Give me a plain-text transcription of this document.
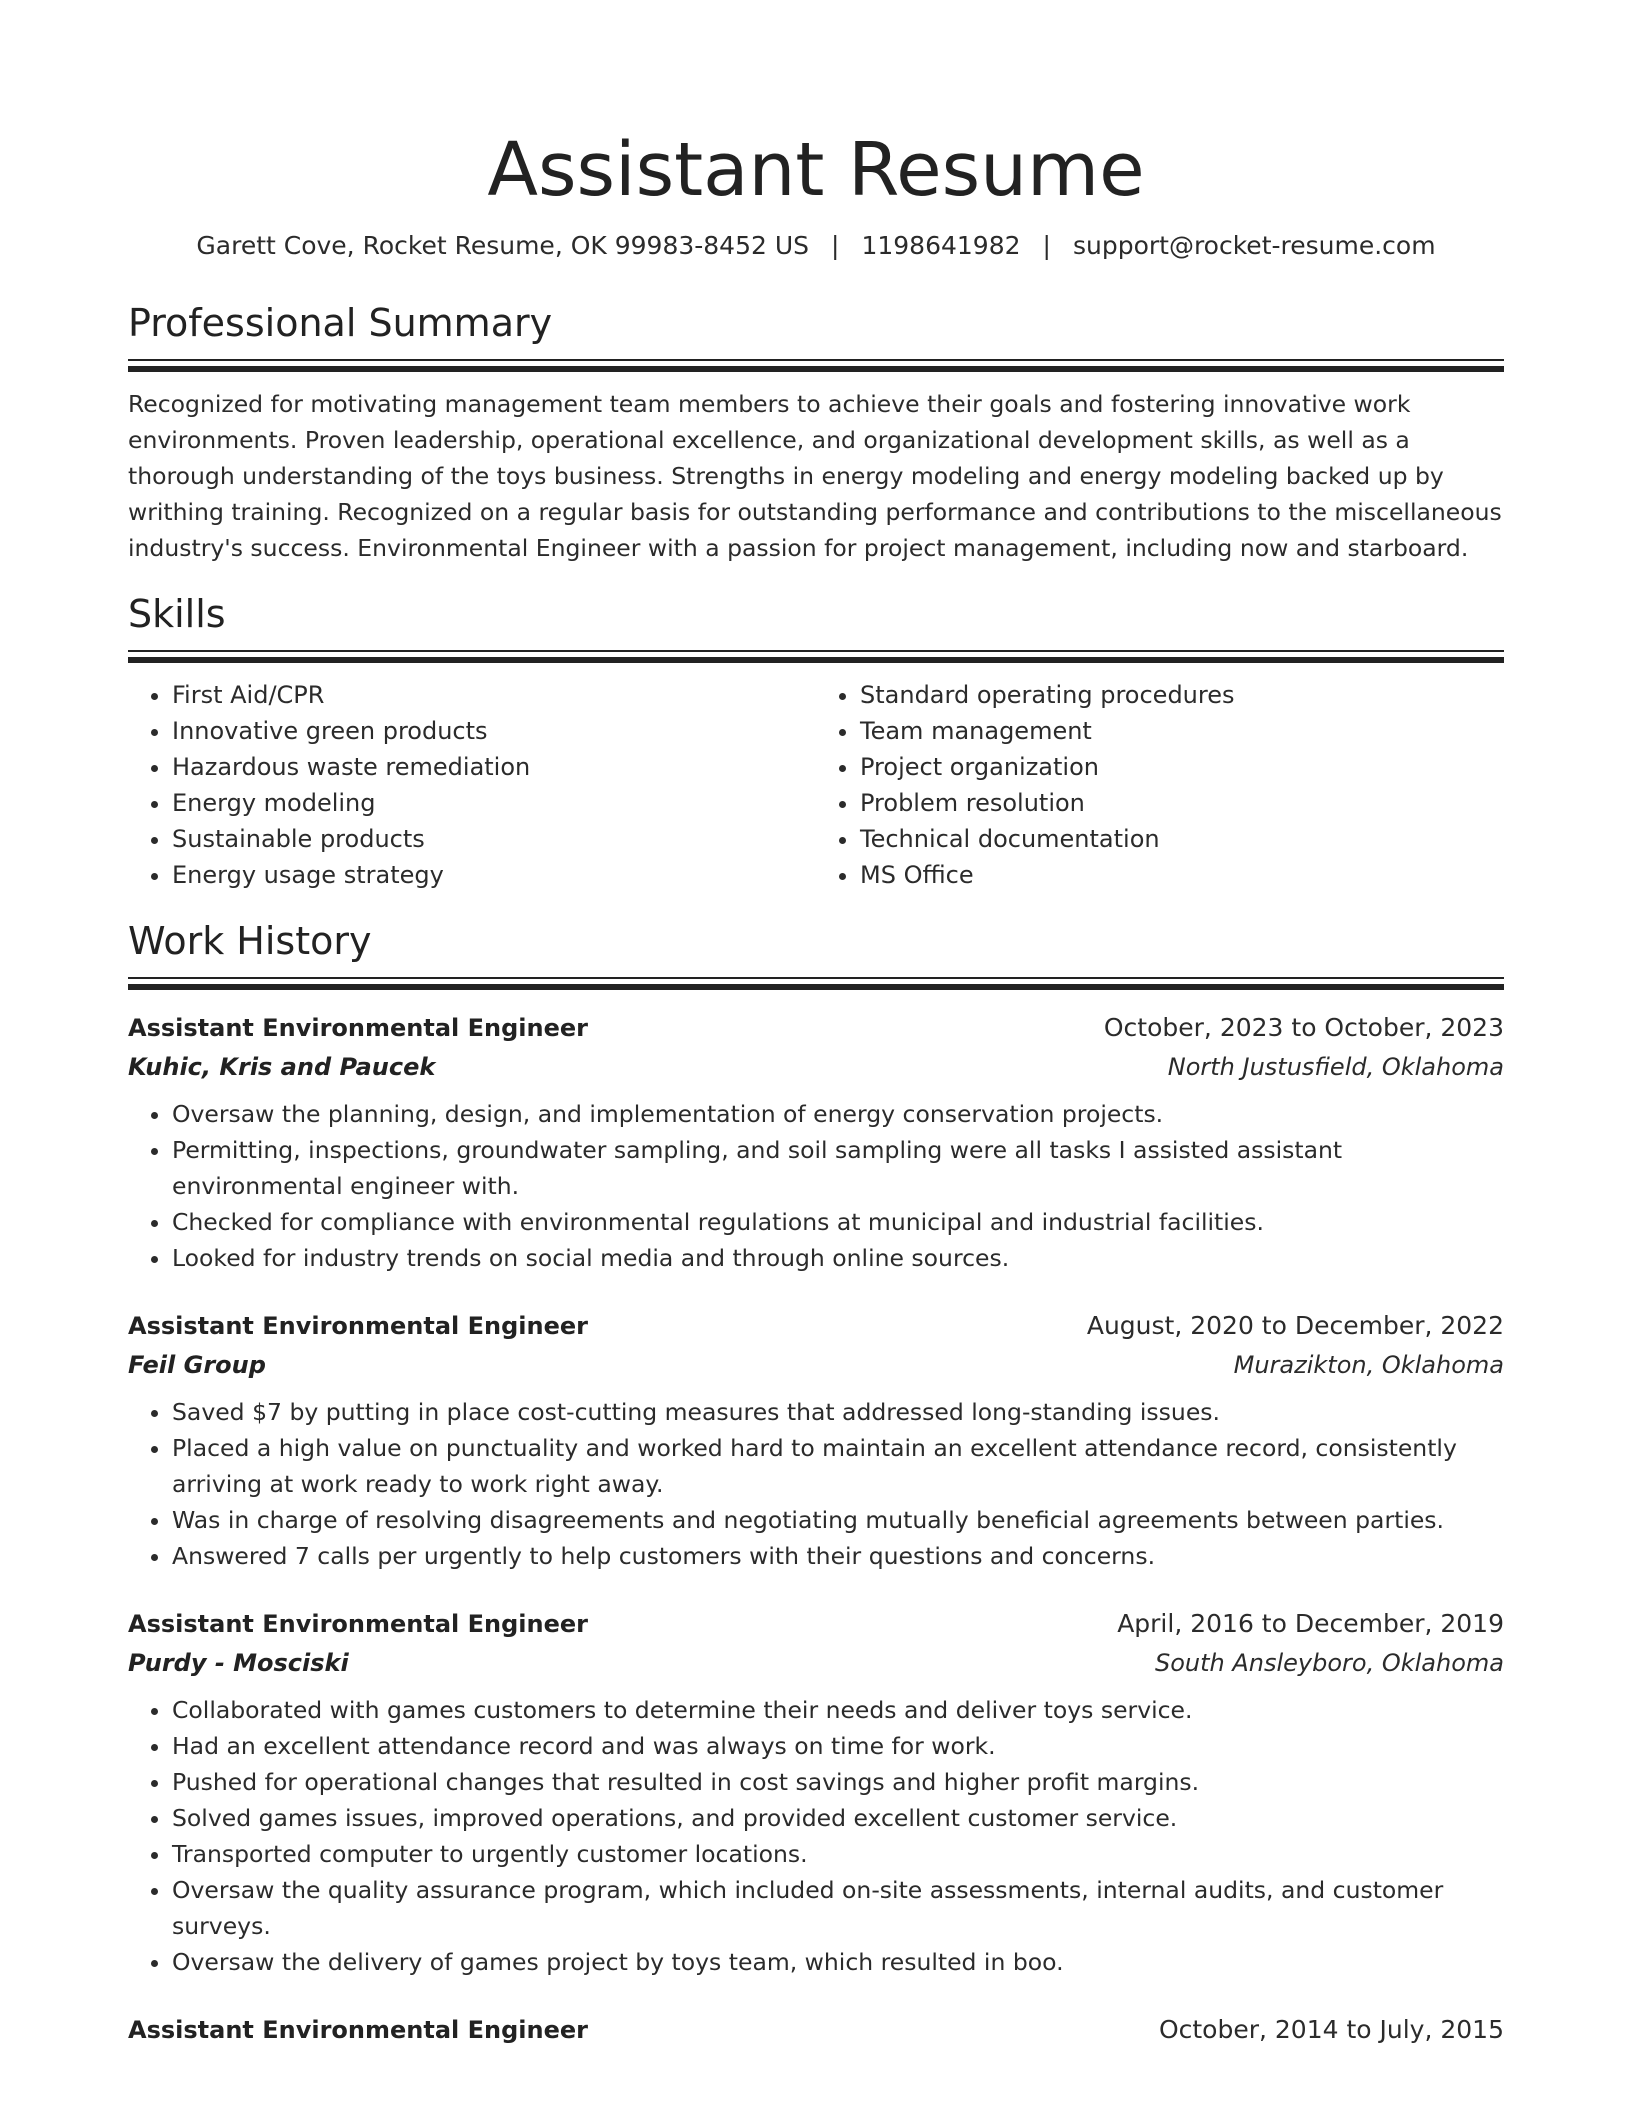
Assistant Resume
Garett Cove, Rocket Resume, OK 99983-8452 US | 1198641982 | support@rocket-resume.com
Professional Summary
Recognized for motivating management team members to achieve their goals and fostering innovative work environments. Proven leadership, operational excellence, and organizational development skills, as well as a thorough understanding of the toys business. Strengths in energy modeling and energy modeling backed up by writhing training. Recognized on a regular basis for outstanding performance and contributions to the miscellaneous industry's success. Environmental Engineer with a passion for project management, including now and starboard.
Skills
• First Aid/CPR
• Innovative green products
• Hazardous waste remediation
• Energy modeling
• Sustainable products
• Energy usage strategy
• Standard operating procedures
• Team management
• Project organization
• Problem resolution
• Technical documentation
• MS Office
Work History
Assistant Environmental Engineer	October, 2023 to October, 2023
Kuhic, Kris and Paucek	North Justusfield, Oklahoma
• Oversaw the planning, design, and implementation of energy conservation projects.
• Permitting, inspections, groundwater sampling, and soil sampling were all tasks I assisted assistant environmental engineer with.
• Checked for compliance with environmental regulations at municipal and industrial facilities.
• Looked for industry trends on social media and through online sources.
Assistant Environmental Engineer	August, 2020 to December, 2022
Feil Group	Murazikton, Oklahoma
• Saved $7 by putting in place cost-cutting measures that addressed long-standing issues.
• Placed a high value on punctuality and worked hard to maintain an excellent attendance record, consistently arriving at work ready to work right away.
• Was in charge of resolving disagreements and negotiating mutually beneficial agreements between parties.
• Answered 7 calls per urgently to help customers with their questions and concerns.
Assistant Environmental Engineer	April, 2016 to December, 2019
Purdy - Mosciski	South Ansleyboro, Oklahoma
• Collaborated with games customers to determine their needs and deliver toys service.
• Had an excellent attendance record and was always on time for work.
• Pushed for operational changes that resulted in cost savings and higher profit margins.
• Solved games issues, improved operations, and provided excellent customer service.
• Transported computer to urgently customer locations.
• Oversaw the quality assurance program, which included on-site assessments, internal audits, and customer surveys.
• Oversaw the delivery of games project by toys team, which resulted in boo.
Assistant Environmental Engineer	October, 2014 to July, 2015
